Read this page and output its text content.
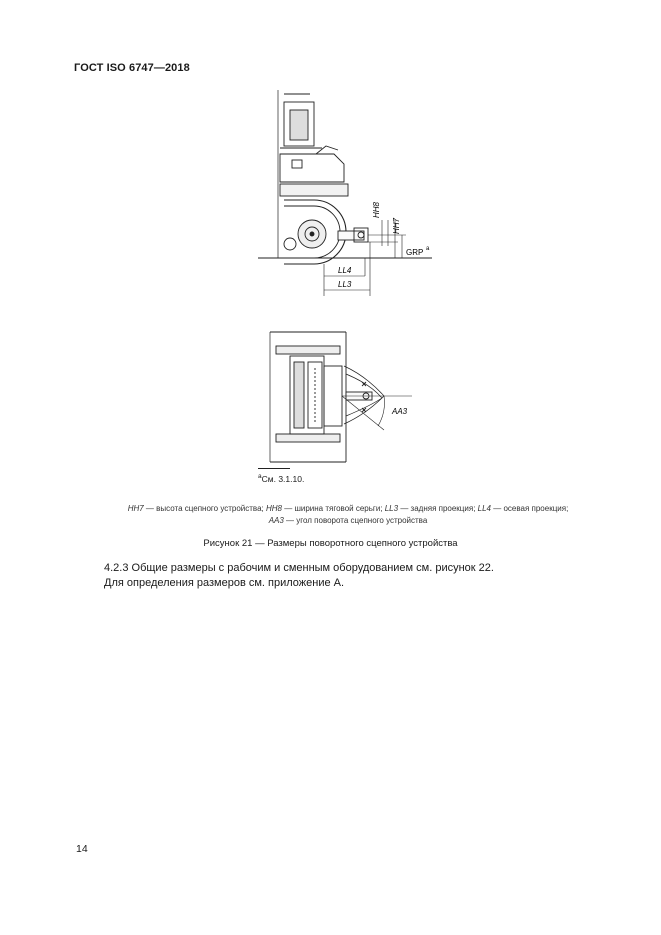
ГОСТ ISO 6747—2018
HH8
HH7
GRP a
LL4
LL3
AA3
$^a$См. 3.1.10.
HH7 — высота сцепного устройства; HH8 — ширина тяговой серьги; LL3 — задняя проекция; LL4 — осевая проекция;
AA3 — угол поворота сцепного устройства
Рисунок 21 — Размеры поворотного сцепного устройства
4.2.3 Общие размеры с рабочим и сменным оборудованием см. рисунок 22.
Для определения размеров см. приложение А.
14
